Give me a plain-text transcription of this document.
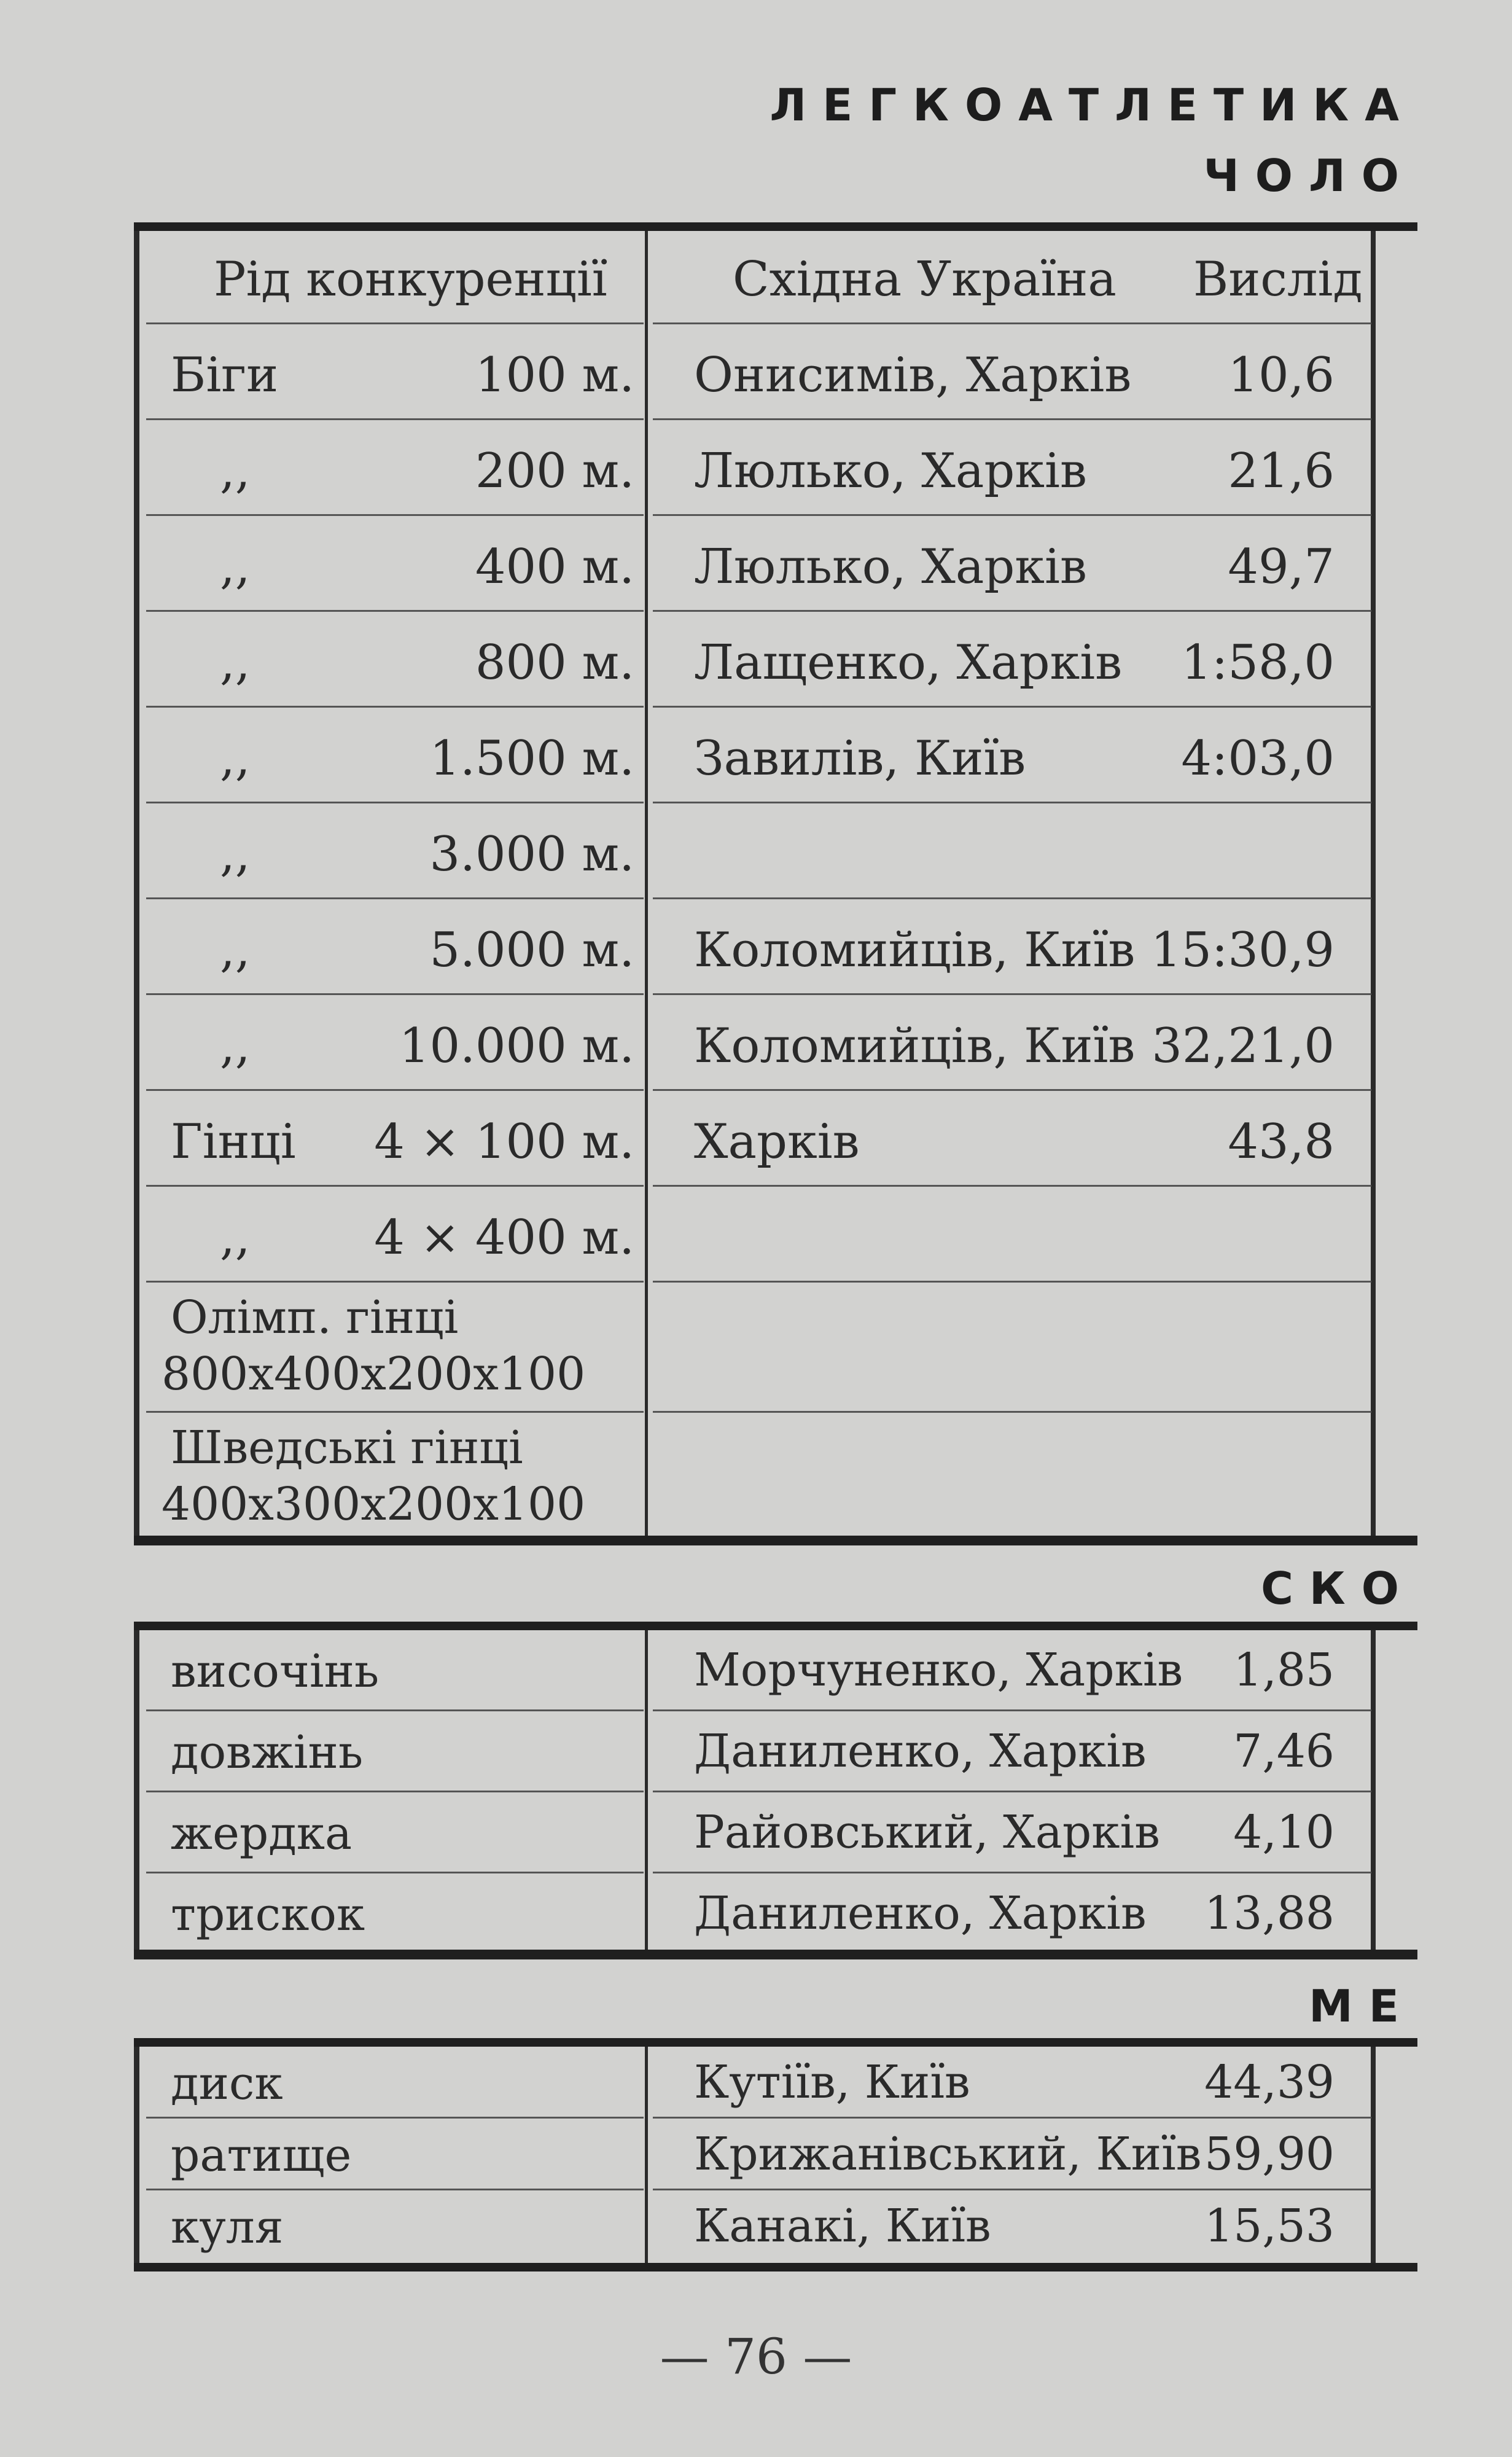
ЛЕГКОАТЛЕТИКА
ЧОЛО
Рід конкуренції	Східна Україна Вислід
Біги	100 м. Онисимів, Харків 10,6
,,	200 м. Люлько, Харків	21,6
,,	400 м. Люлько, Харків	49,7
,,	800 м. Лащенко, Харків 1:58,0
,,	1.500 м. Завилів, Київ	4:03,0
,,	3.000 м.
,,	5.000 м. Коломийців, Київ 15:30,9
,,	10.000 м. Коломийців, Київ 32,21,0
Гінці 4 × 100 м. Харків	43,8
,,	4 × 400 м.
Олімп. гінці
800х400х200х100
Шведські гінці
400х300х200х100
СКО
височінь	Морчуненко, Харків 1,85
довжінь	Даниленко, Харків 7,46
жердка	Райовський, Харків 4,10
трискок	Даниленко, Харків 13,88
МЕ
диск	Кутіїв, Київ	44,39
ратище	Крижанівський, Київ 59,90
куля	Канакі, Київ	15,53
— 76 —
